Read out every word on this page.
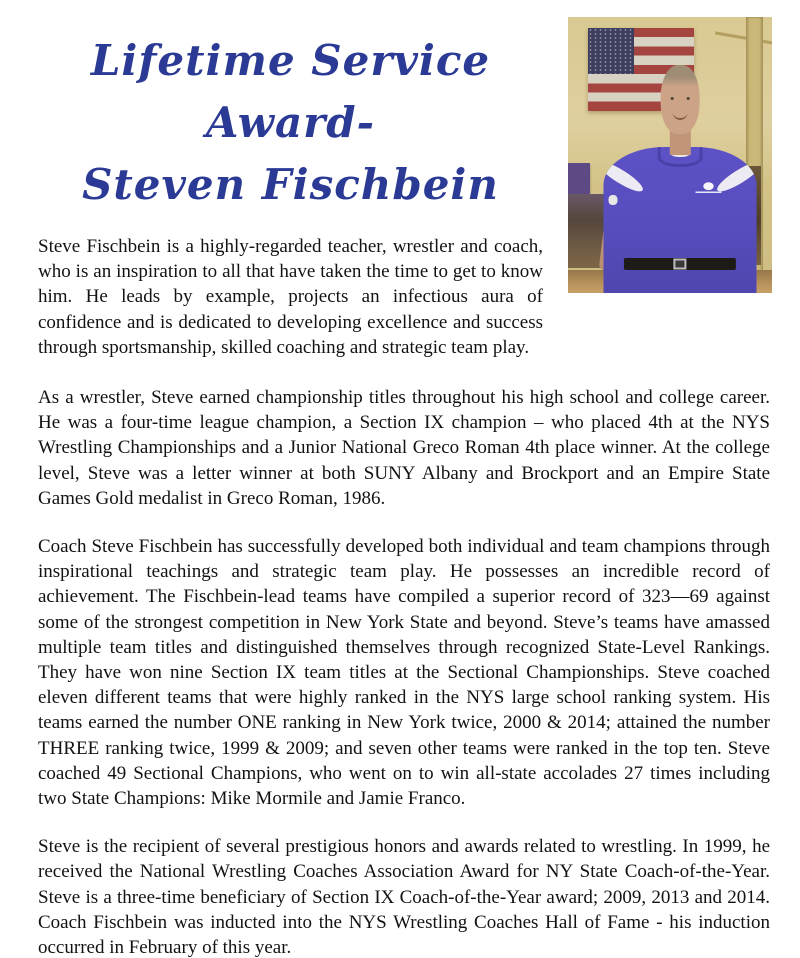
Lifetime Service Award-
Steven Fischbein

Steve Fischbein is a highly-regarded teacher, wrestler and coach, who is an inspiration to all that have taken the time to get to know him. He leads by example, projects an infectious aura of confidence and is dedicated to developing excellence and success through sportsmanship, skilled coaching and strategic team play.

As a wrestler, Steve earned championship titles throughout his high school and college career. He was a four-time league champion, a Section IX champion – who placed 4th at the NYS Wrestling Championships and a Junior National Greco Roman 4th place winner. At the college level, Steve was a letter winner at both SUNY Albany and Brockport and an Empire State Games Gold medalist in Greco Roman, 1986.

Coach Steve Fischbein has successfully developed both individual and team champions through inspirational teachings and strategic team play. He possesses an incredible record of achievement. The Fischbein-lead teams have compiled a superior record of 323—69 against some of the strongest competition in New York State and beyond. Steve’s teams have amassed multiple team titles and distinguished themselves through recognized State-Level Rankings. They have won nine Section IX team titles at the Sectional Championships. Steve coached eleven different teams that were highly ranked in the NYS large school ranking system. His teams earned the number ONE ranking in New York twice, 2000 & 2014; attained the number THREE ranking twice, 1999 & 2009; and seven other teams were ranked in the top ten. Steve coached 49 Sectional Champions, who went on to win all-state accolades 27 times including two State Champions: Mike Mormile and Jamie Franco.

Steve is the recipient of several prestigious honors and awards related to wrestling. In 1999, he received the National Wrestling Coaches Association Award for NY State Coach-of-the-Year. Steve is a three-time beneficiary of Section IX Coach-of-the-Year award; 2009, 2013 and 2014. Coach Fischbein was inducted into the NYS Wrestling Coaches Hall of Fame - his induction occurred in February of this year.
